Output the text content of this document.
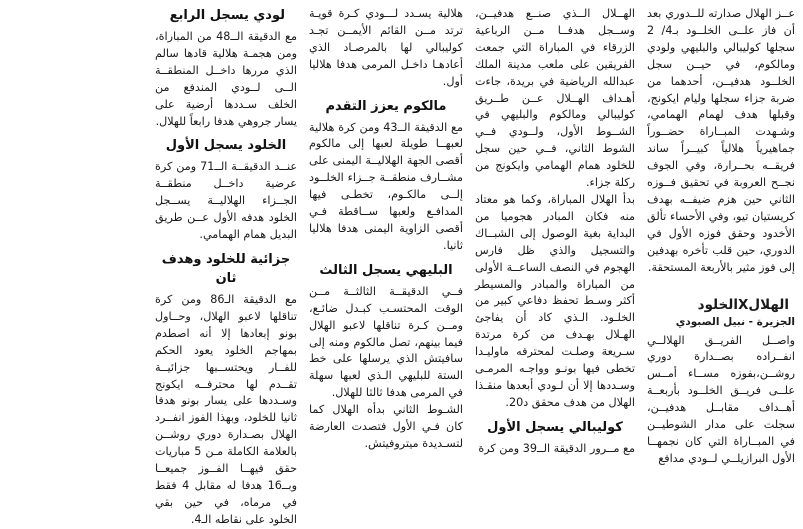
عــز الهلال صدارته للــدوري بعد أن فاز علــى الخلــود بـ4/ 2 سجلها كوليبالي والبليهي ولودي ومالكوم، في حيــن سجل الخلــود هدفيــن، أحدهما من ضربة جزاء سجلها وليام ايكونج، وقبلها هدف لهمام الهمامي، وشـهدت المبــاراة حضــوراً جماهيرياً هلالياً كبيــراً ساند فريقــه بحــرارة، وفي الجوف نجــح العروبة في تحقيق فــوزه الثاني حين هزم ضيفــه بهدف كريستيان تيو، وفي الأحساء تألق الأخدود وحقق فوزه الأول في الدوري، حين قلب تأخره بهدفين إلى فوز مثير بالأربعة المستحقة.

الهلالXالخلود
الجزيرة - نبيل الصبودي

واصــل الفريــق الهلالــي انفــراده بصــدارة دوري روشــن،بفوزه مســاء أمــس علــى فريــق الخلــود بأربعــة أهــداف مقابــل هدفيــن، سجلت على مدار الشوطيــن في المبــاراة التي كان نجمهــا الأول البرازيلــي لــودي مدافع

الهــلال الــذي صنــع هدفيــن، وســجل هدفــا مــن الرباعية الزرقاء في المباراة التي جمعت الفريقين على ملعب مدينة الملك عبدالله الرياضية في بريدة، جاءت أهـداف الهــلال عــن طــريق كوليبالي ومالكوم والبليهي في الشــوط الأول، ولــودي فــي الشوط الثاني، فــي حين سجل للخلود همام الهمامي وايكونج من ركلة جزاء.

بدأ الهلال المباراة، وكما هو معتاد منه فكان المبادر هجوميا من البداية بغية الوصول إلى الشبــاك والتسجيل والذي ظل فارس الهجوم في النصف الساعــة الأولى من المباراة والمبادر والمسيطر أكثر وسـط تحفظ دفاعي كبير من الخلـود. الـذي كاد أن يفاجئ الهـلال بهـدف من كرة مرتدة سـريعة وصلـت لمحترفه ماوليـدا تخطى فيها بونـو وواجـه المرمـى وسـددها إلا أن لـودي أبعدها منقـذا الهلال من هدف محقق د20.

كوليبالي يسجل الأول

مع مــرور الدقيقة الــ39 ومن كرة

هلالية يسـدد لـــودي كـرة قويـة ترتد مــن القائم الأيمــن تجـد كوليبالي لها بالمرصـاد الذي أعادهـا داخـل المرمى هدفا هلاليا أول.

مالكوم يعزز التقدم

مع الدقيقة الــ43 ومن كرة هلالية لعبهــا طويلة لعبها إلى مالكوم أقصى الجهة الهلاليــة اليمنى على مشــارف منطقــة جــزاء الخلــود إلــى مالكـوم، تخطـى فيها المدافـع ولعبها ســاقطة فـي أقصى الزاوية اليمنى هدفا هلاليا ثانيا.

البليهي يسجل الثالث

فــي الدقيقــة الثالثــة مــن الوقت المحتسـب كبـدل ضائـع، ومــن كـرة تناقلها لاعبو الهلال فيما بينهم، تصل مالكوم ومنه إلى سافيتش الذي يرسلها على خط الستة للبليهي الـذي لعبها سهلة في المرمى هدفا ثالثا للهلال.

الشـوط الثاني بدأه الهلال كما كان فـي الأول فتصدت العارضة لتسـديدة ميتروفيتش.

لودي يسجل الرابع

مع الدقيقة الــ48 من المباراة، ومن هجمـة هلالية قادها سالم الذي مررها داخــل المنطقــة الــى لــودي المندفع من الخلف سـددها أرضية على يسار جروهي هدفا رابعاً للهلال.

الخلود يسجل الأول

عنــد الدقيقــة الــ71 ومن كرة عرضية داخــل منطقــة الجــزاء الهلاليــة يســجل الخلود هدفه الأول عــن طريق البديل همام الهمامي.

جزائية للخلود وهدف ثان

مع الدقيقة الـ86 ومن كرة تناقلها لاعبو الهلال، وحــاول بونو إبعادها إلا أنه اصطدم بمهاجم الخلود يعود الحكم للفــار ويحتســبها جزائيــة تقــدم لها محترفــه ايكونج وسـددها على يسار بونو هدفا ثانيا للخلود، وبهذا الفوز انفــرد الهلال بصـدارة دوري روشــن بالعلامة الكاملة مـن 5 مباريات حقق فيهــا الفــوز جميعــا وبــ16 هدفا له مقابل 4 فقط في مرماه، في حين بقي الخلود على نقاطه الـ4.
